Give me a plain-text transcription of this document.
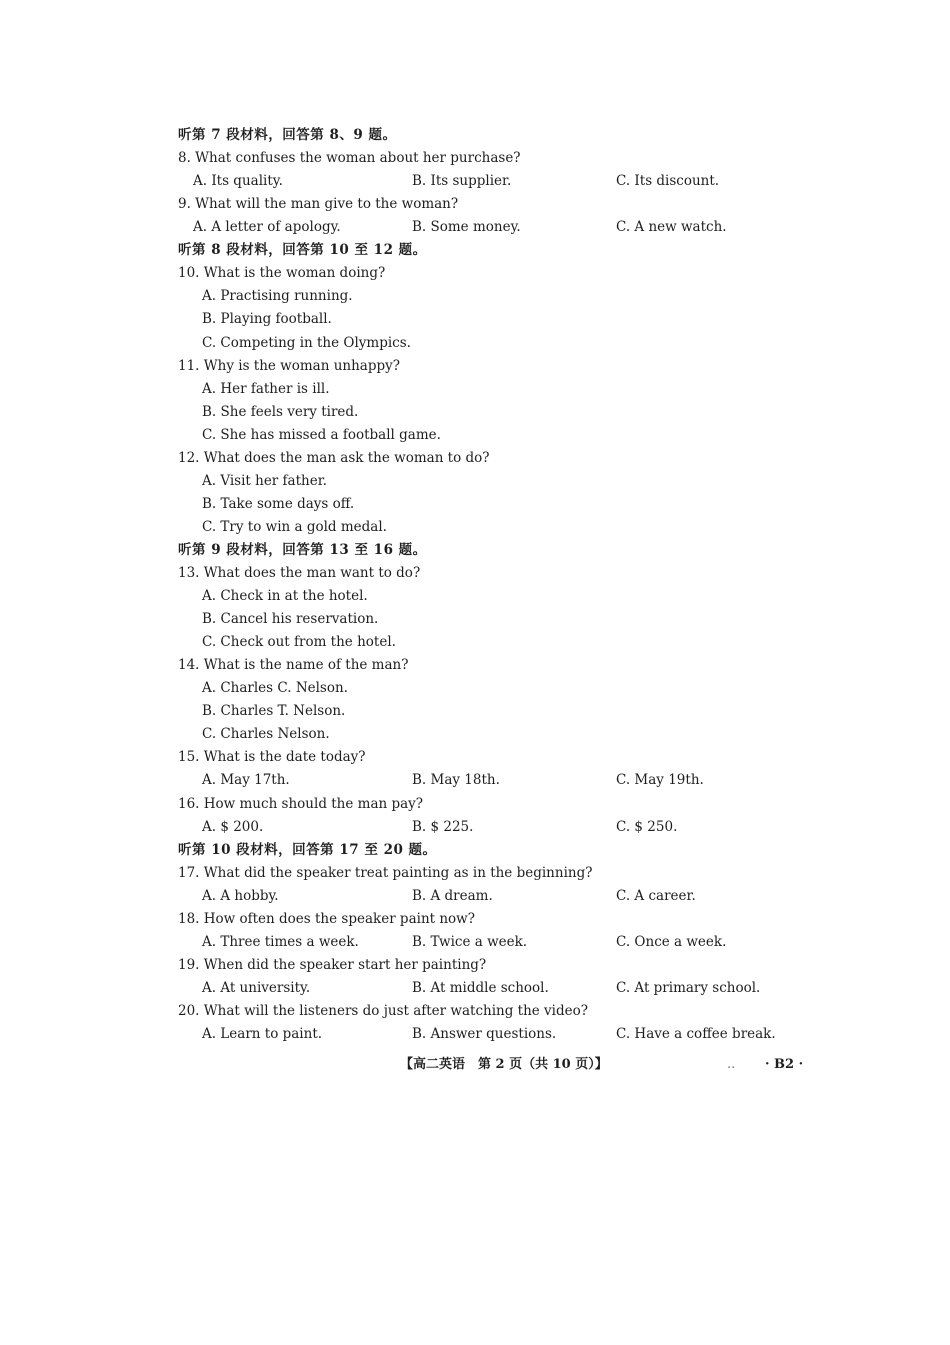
听第 7 段材料，回答第 8、9 题。
8. What confuses the woman about her purchase?
A. Its quality.	B. Its supplier.	C. Its discount.
9. What will the man give to the woman?
A. A letter of apology.	B. Some money.	C. A new watch.
听第 8 段材料，回答第 10 至 12 题。
10. What is the woman doing?
A. Practising running.
B. Playing football.
C. Competing in the Olympics.
11. Why is the woman unhappy?
A. Her father is ill.
B. She feels very tired.
C. She has missed a football game.
12. What does the man ask the woman to do?
A. Visit her father.
B. Take some days off.
C. Try to win a gold medal.
听第 9 段材料，回答第 13 至 16 题。
13. What does the man want to do?
A. Check in at the hotel.
B. Cancel his reservation.
C. Check out from the hotel.
14. What is the name of the man?
A. Charles C. Nelson.
B. Charles T. Nelson.
C. Charles Nelson.
15. What is the date today?
A. May 17th.	B. May 18th.	C. May 19th.
16. How much should the man pay?
A. $ 200.	B. $ 225.	C. $ 250.
听第 10 段材料，回答第 17 至 20 题。
17. What did the speaker treat painting as in the beginning?
A. A hobby.	B. A dream.	C. A career.
18. How often does the speaker paint now?
A. Three times a week.	B. Twice a week.	C. Once a week.
19. When did the speaker start her painting?
A. At university.	B. At middle school.	C. At primary school.
20. What will the listeners do just after watching the video?
A. Learn to paint.	B. Answer questions.	C. Have a coffee break.
【高二英语　第 2 页（共 10 页）】	.. · B2 ·
